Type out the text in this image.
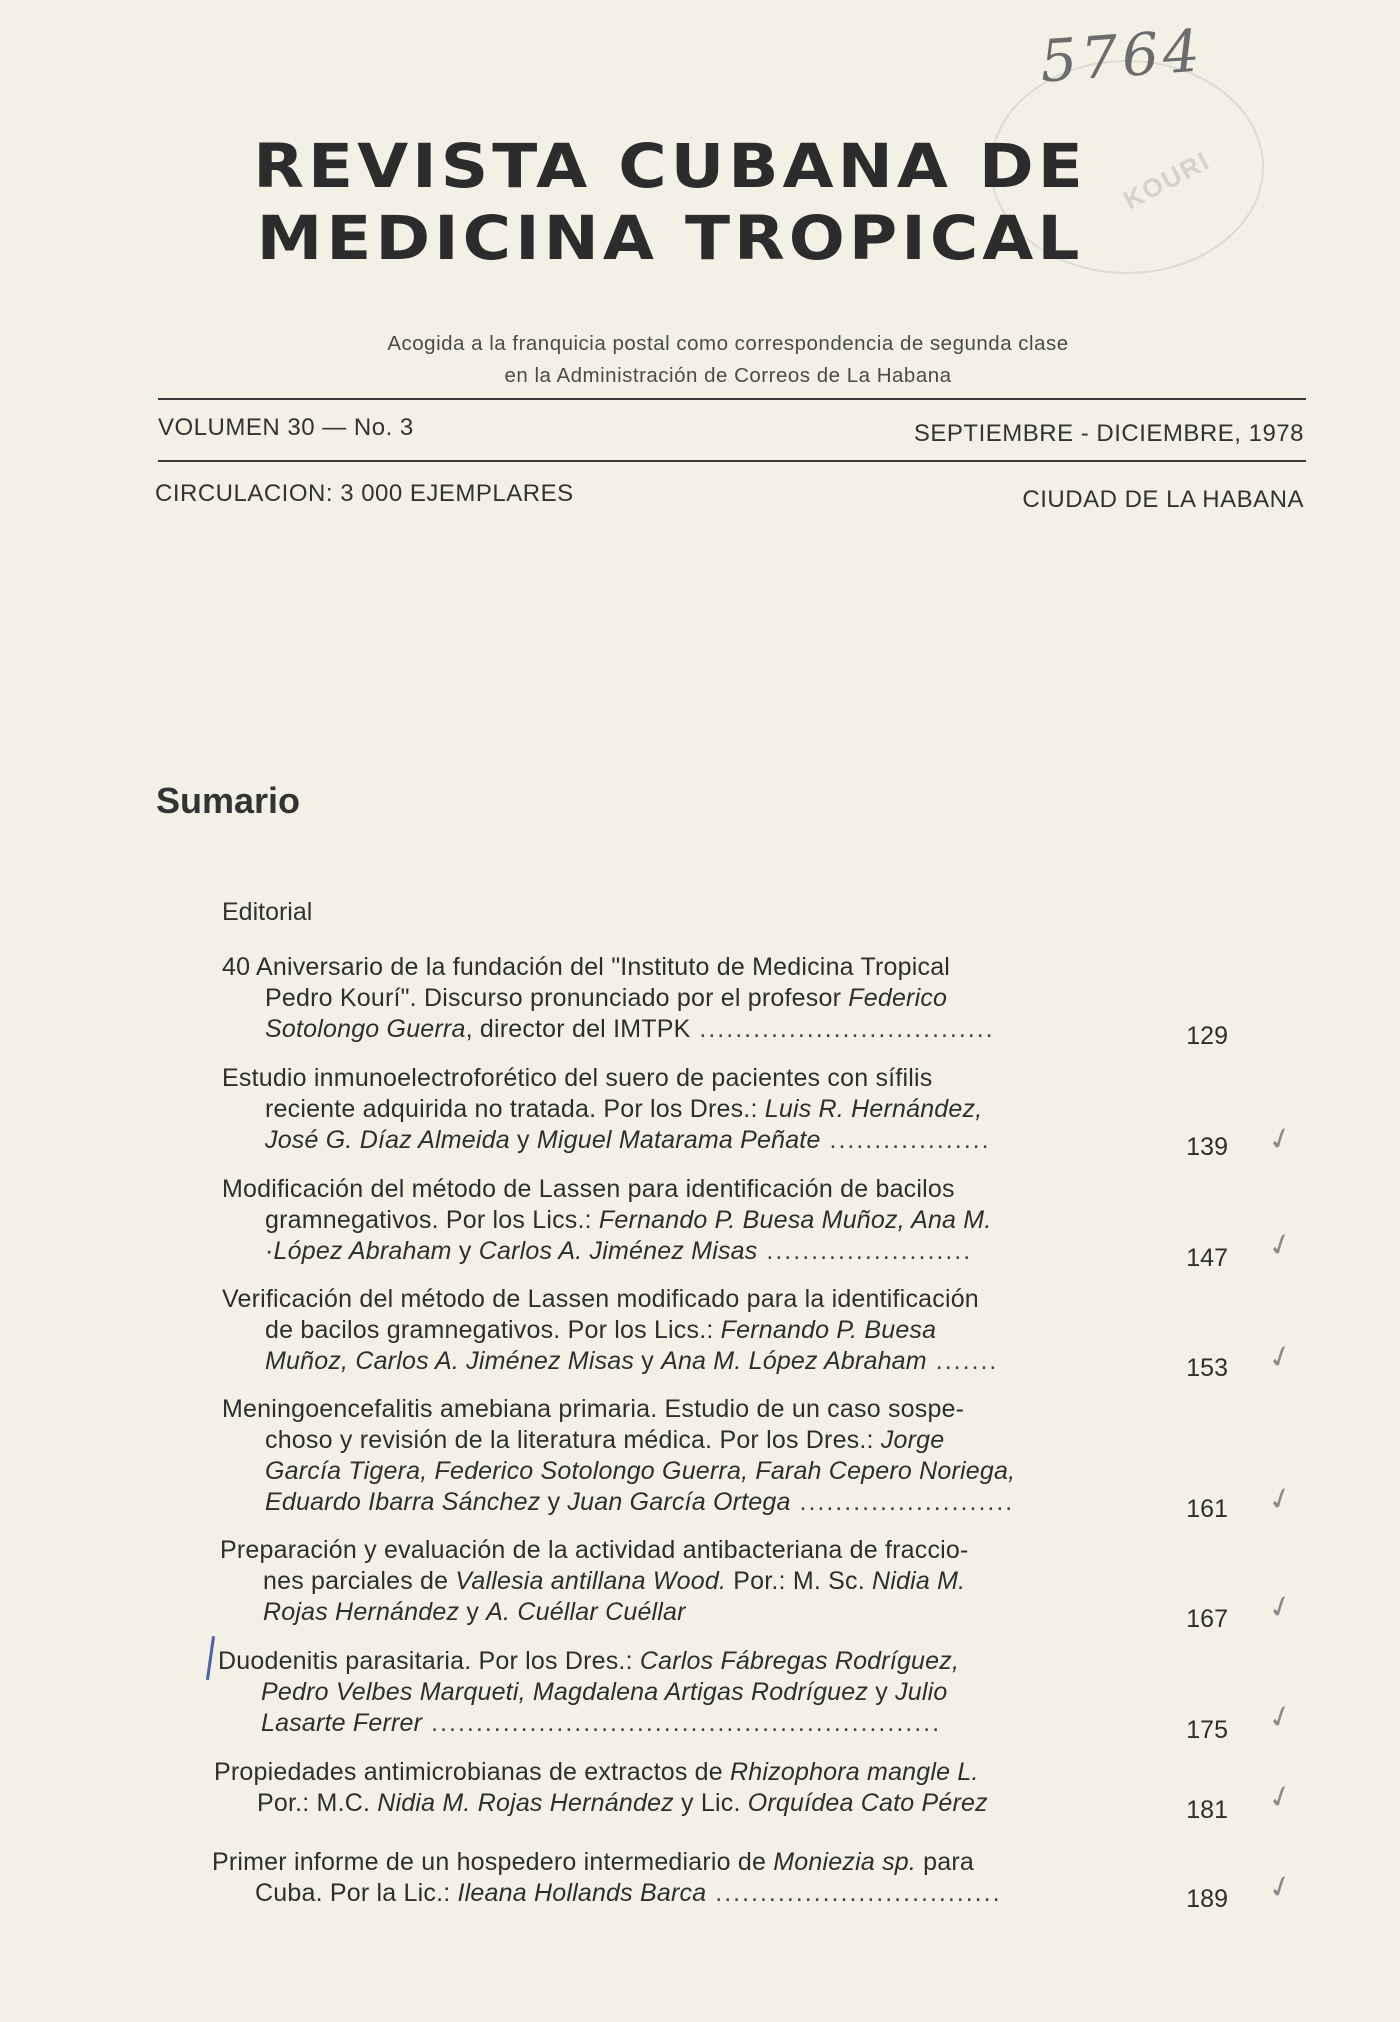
KOURI
5764
REVISTA CUBANA DE
MEDICINA TROPICAL
Acogida a la franquicia postal como correspondencia de segunda clase
en la Administración de Correos de La Habana
VOLUMEN 30 — No. 3	SEPTIEMBRE - DICIEMBRE, 1978
CIRCULACION: 3 000 EJEMPLARES	CIUDAD DE LA HABANA
Sumario
Editorial
40 Aniversario de la fundación del "Instituto de Medicina Tropical
Pedro Kourí". Discurso pronunciado por el profesor Federico
Sotolongo Guerra, director del IMTPK .................................	129
Estudio inmunoelectroforético del suero de pacientes con sífilis
reciente adquirida no tratada. Por los Dres.: Luis R. Hernández,
José G. Díaz Almeida y Miguel Matarama Peñate ..................	139 ✓
Modificación del método de Lassen para identificación de bacilos
gramnegativos. Por los Lics.: Fernando P. Buesa Muñoz, Ana M.
·López Abraham y Carlos A. Jiménez Misas .......................	147 ✓
Verificación del método de Lassen modificado para la identificación
de bacilos gramnegativos. Por los Lics.: Fernando P. Buesa
Muñoz, Carlos A. Jiménez Misas y Ana M. López Abraham .......	153 ✓
Meningoencefalitis amebiana primaria. Estudio de un caso sospe-
choso y revisión de la literatura médica. Por los Dres.: Jorge
García Tigera, Federico Sotolongo Guerra, Farah Cepero Noriega,
Eduardo Ibarra Sánchez y Juan García Ortega ........................	161 ✓
Preparación y evaluación de la actividad antibacteriana de fraccio-
nes parciales de Vallesia antillana Wood. Por.: M. Sc. Nidia M.
Rojas Hernández y A. Cuéllar Cuéllar	167 ✓
Duodenitis parasitaria. Por los Dres.: Carlos Fábregas Rodríguez,
Pedro Velbes Marqueti, Magdalena Artigas Rodríguez y Julio
Lasarte Ferrer .........................................................	175 ✓
Propiedades antimicrobianas de extractos de Rhizophora mangle L.
Por.: M.C. Nidia M. Rojas Hernández y Lic. Orquídea Cato Pérez	181 ✓
Primer informe de un hospedero intermediario de Moniezia sp. para
Cuba. Por la Lic.: Ileana Hollands Barca ................................	189 ✓
